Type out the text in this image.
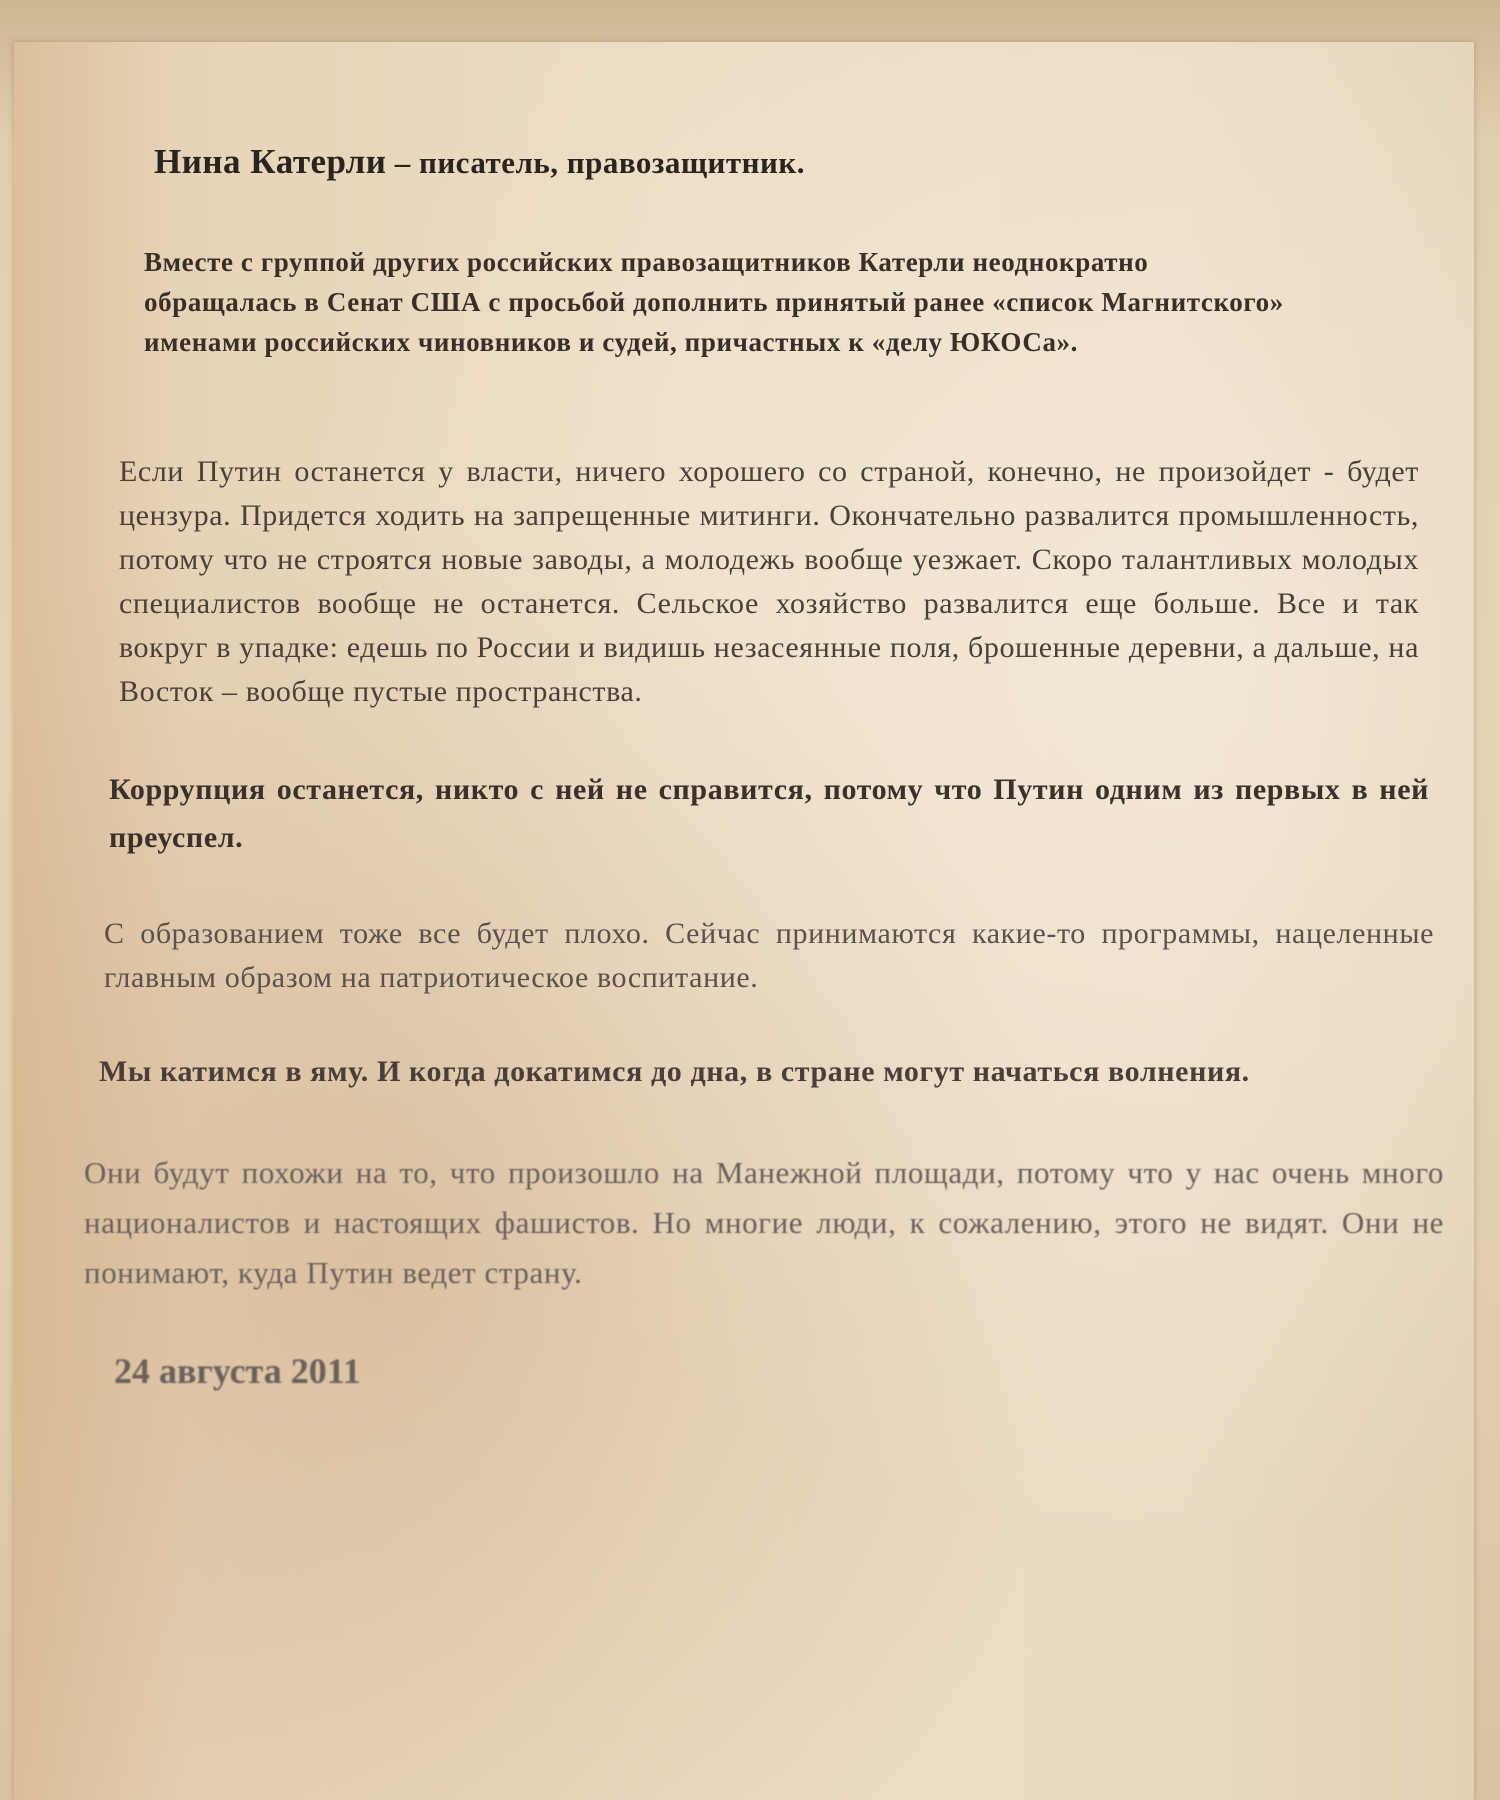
Нина Катерли – писатель, правозащитник.

Вместе с группой других российских правозащитников Катерли неоднократно обращалась в Сенат США с просьбой дополнить принятый ранее «список Магнитского» именами российских чиновников и судей, причастных к «делу ЮКОСа».

Если Путин останется у власти, ничего хорошего со страной, конечно, не произойдет - будет цензура. Придется ходить на запрещенные митинги. Окончательно развалится промышленность, потому что не строятся новые заводы, а молодежь вообще уезжает. Скоро талантливых молодых специалистов вообще не останется. Сельское хозяйство развалится еще больше. Все и так вокруг в упадке: едешь по России и видишь незасеянные поля, брошенные деревни, а дальше, на Восток – вообще пустые пространства.

Коррупция останется, никто с ней не справится, потому что Путин одним из первых в ней преуспел.

С образованием тоже все будет плохо. Сейчас принимаются какие-то программы, нацеленные главным образом на патриотическое воспитание.

Мы катимся в яму. И когда докатимся до дна, в стране могут начаться волнения.

Они будут похожи на то, что произошло на Манежной площади, потому что у нас очень много националистов и настоящих фашистов. Но многие люди, к сожалению, этого не видят. Они не понимают, куда Путин ведет страну.

24 августа 2011
